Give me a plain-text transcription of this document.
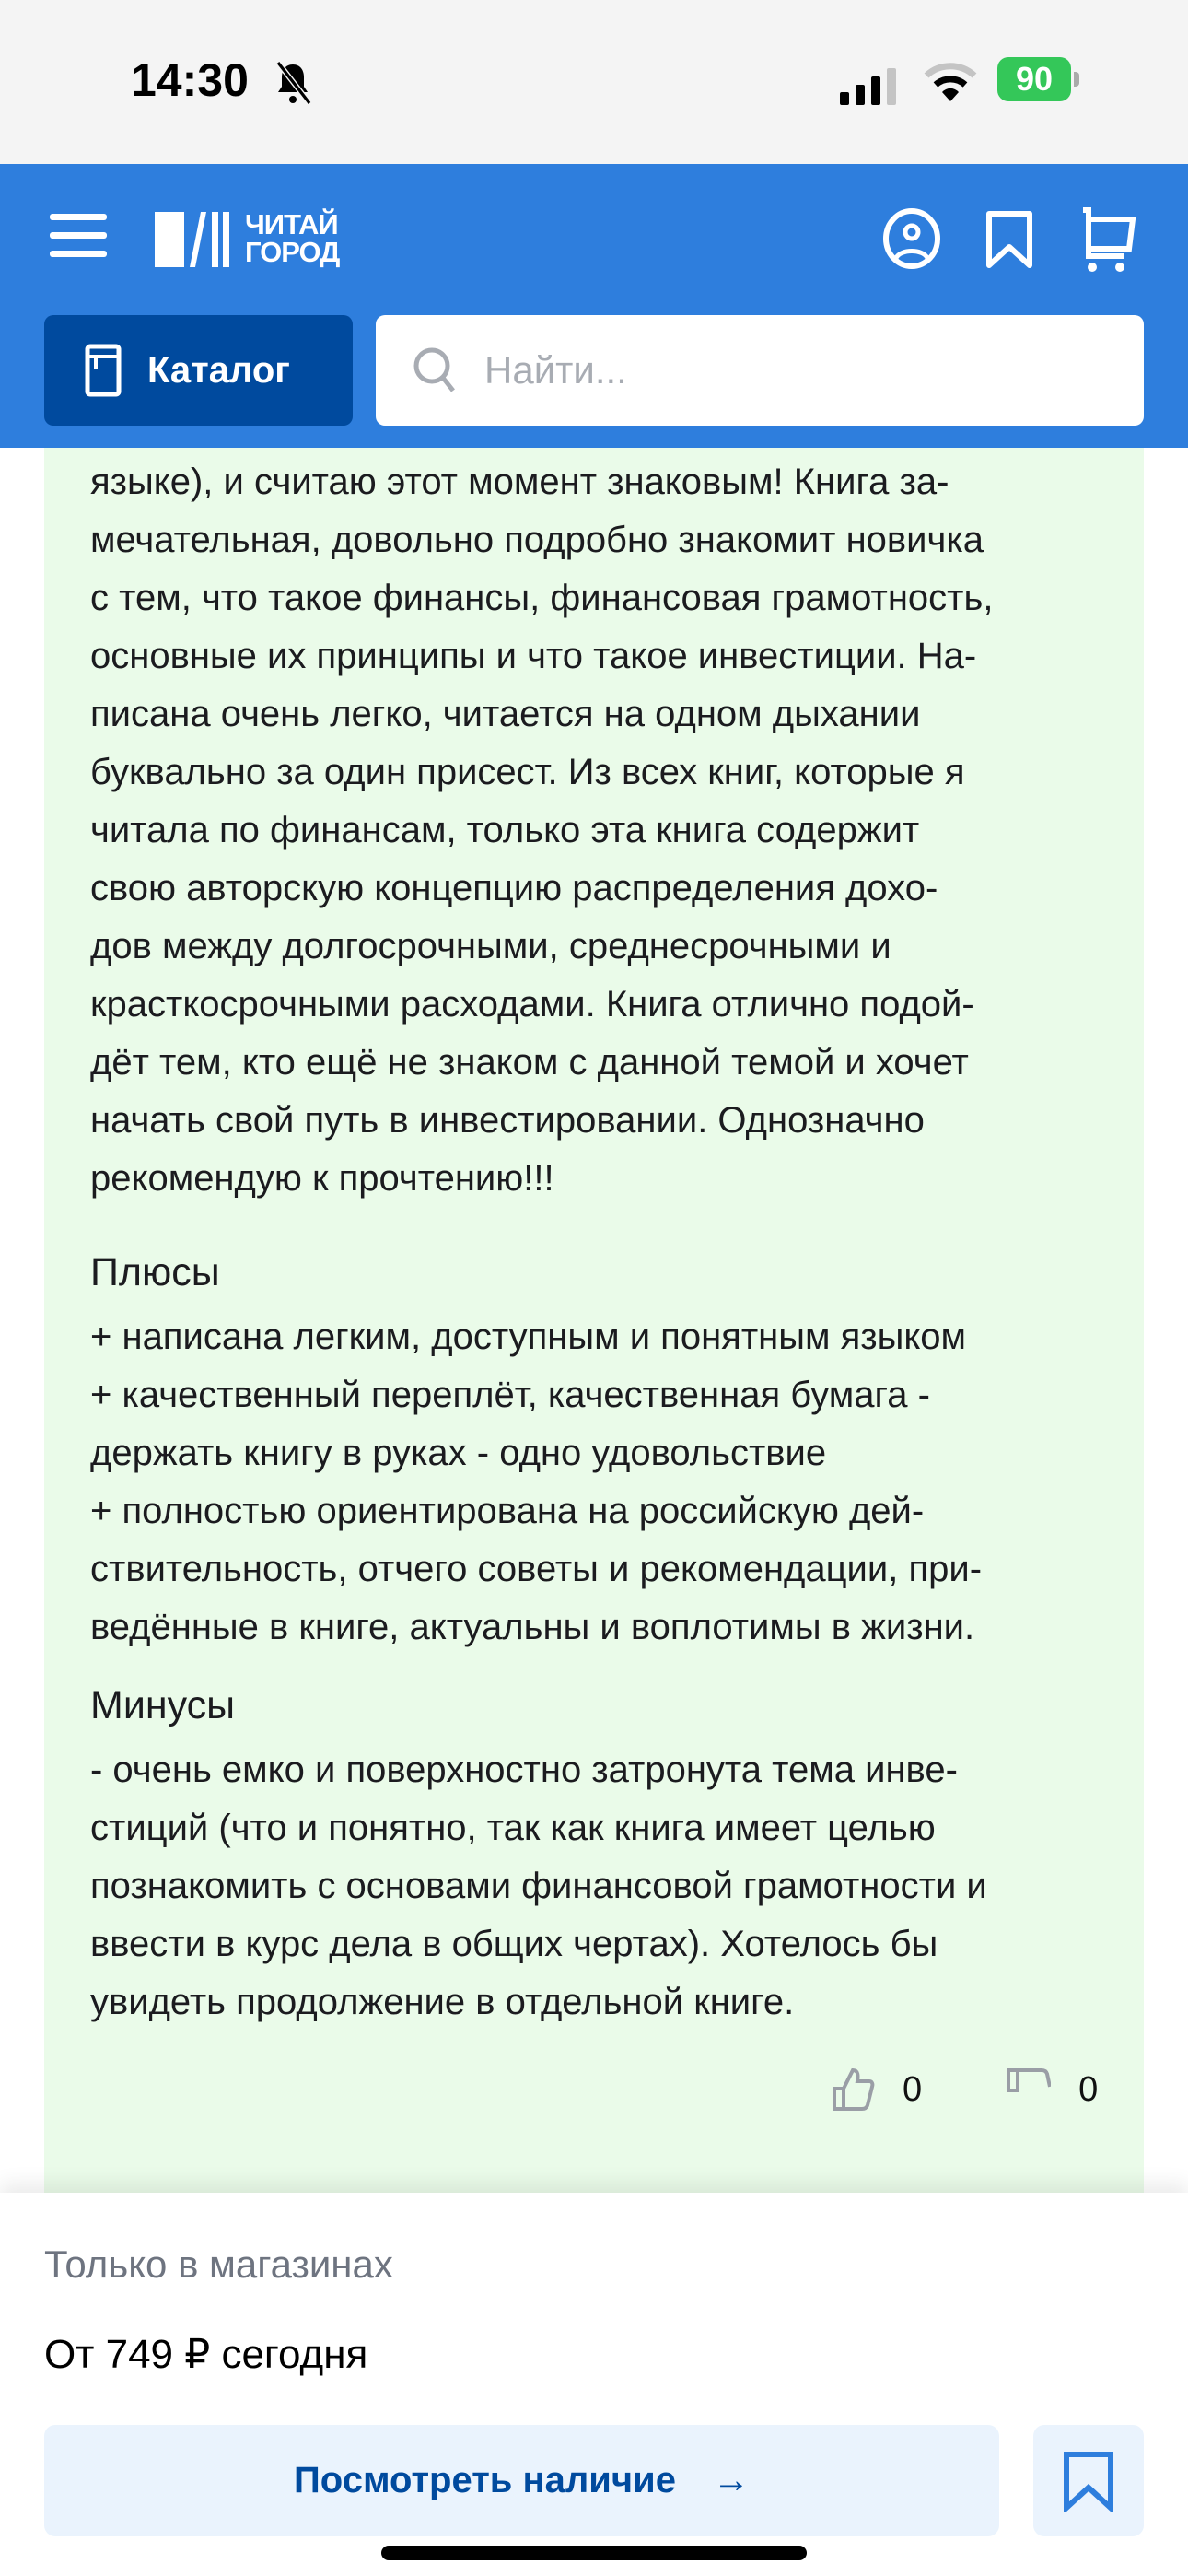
14:30	90
ЧИТАЙ
ГОРОД
Каталог
Найти...
языке), и считаю этот момент знаковым! Книга за-
мечательная, довольно подробно знакомит новичка
с тем, что такое финансы, финансовая грамотность,
основные их принципы и что такое инвестиции. На-
писана очень легко, читается на одном дыхании
буквально за один присест. Из всех книг, которые я
читала по финансам, только эта книга содержит
свою авторскую концепцию распределения дохо-
дов между долгосрочными, среднесрочными и
красткосрочными расходами. Книга отлично подой-
дёт тем, кто ещё не знаком с данной темой и хочет
начать свой путь в инвестировании. Однозначно
рекомендую к прочтению!!!
Плюсы
+ написана легким, доступным и понятным языком
+ качественный переплёт, качественная бумага -
держать книгу в руках - одно удовольствие
+ полностью ориентирована на российскую дей-
ствительность, отчего советы и рекомендации, при-
ведённые в книге, актуальны и воплотимы в жизни.
Минусы
- очень емко и поверхностно затронута тема инве-
стиций (что и понятно, так как книга имеет целью
познакомить с основами финансовой грамотности и
ввести в курс дела в общих чертах). Хотелось бы
увидеть продолжение в отдельной книге.
0	0
Только в магазинах
От 749 ₽ сегодня
Посмотреть наличие →
